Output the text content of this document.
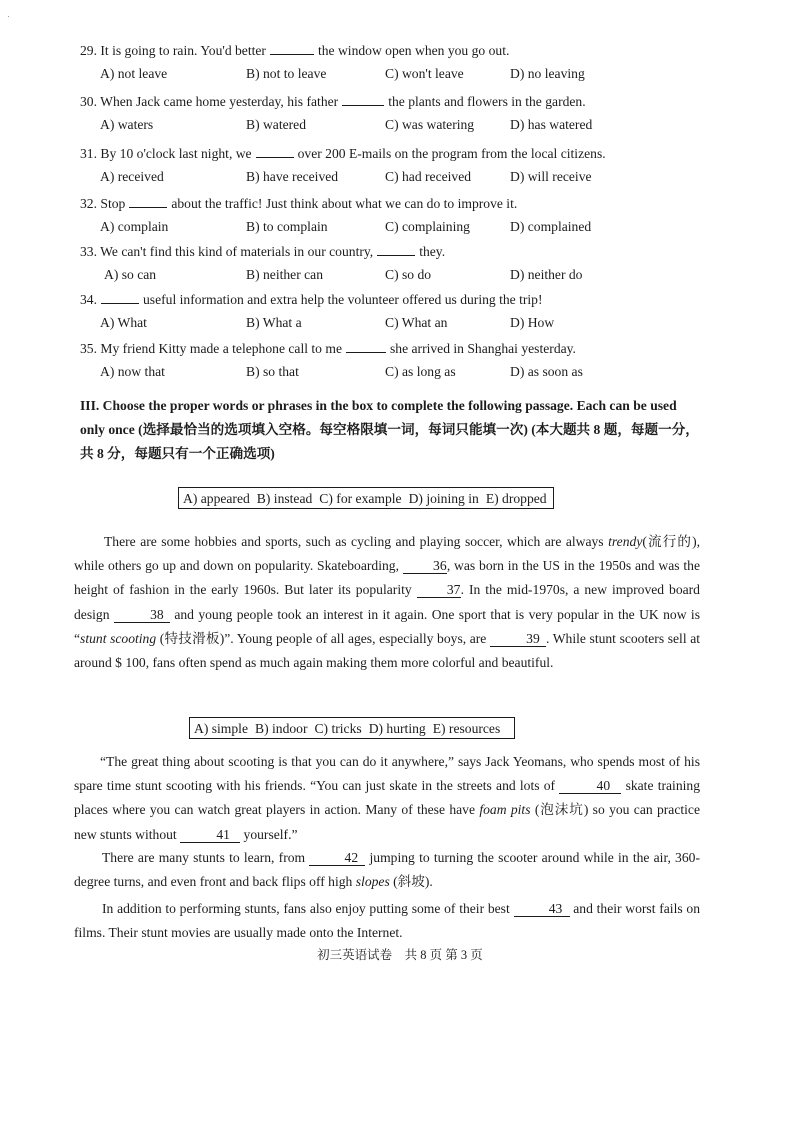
29. It is going to rain. You'd better	the window open when you go out.
A) not leave	B) not to leave	C) won't leave	D) no leaving
30. When Jack came home yesterday, his father	the plants and flowers in the garden.
A) waters	B) watered	C) was watering	D) has watered
31. By 10 o'clock last night, we	over 200 E-mails on the program from the local citizens.
A) received	B) have received	C) had received	D) will receive
32. Stop	about the traffic! Just think about what we can do to improve it.
A) complain	B) to complain	C) complaining	D) complained
33. We can't find this kind of materials in our country,	they.
A) so can	B) neither can	C) so do	D) neither do
34.	useful information and extra help the volunteer offered us during the trip!
A) What	B) What a	C) What an	D) How
35. My friend Kitty made a telephone call to me	she arrived in Shanghai yesterday.
A) now that	B) so that	C) as long as	D) as soon as
III. Choose the proper words or phrases in the box to complete the following passage. Each can be used only once (选择最恰当的选项填入空格。每空格限填一词，每词只能填一次) (本大题共 8 题，每题一分，共 8 分，每题只有一个正确选项)
A) appeared B) instead C) for example D) joining in E) dropped
There are some hobbies and sports, such as cycling and playing soccer, which are always trendy(流行的), while others go up and down on popularity. Skateboarding,	36, was born in the US in the 1950s and was the height of fashion in the early 1960s. But later its popularity	37. In the mid-1970s, a new improved board design	38 and young people took an interest in it again. One sport that is very popular in the UK now is “stunt scooting (特技滑板)”. Young people of all ages, especially boys, are	39 . While stunt scooters sell at around $ 100, fans often spend as much again making them more colorful and beautiful.
A) simple B) indoor C) tricks D) hurting E) resources
“The great thing about scooting is that you can do it anywhere,” says Jack Yeomans, who spends most of his spare time stunt scooting with his friends. “You can just skate in the streets and lots of	40 skate training places where you can watch great players in action. Many of these have foam pits (泡沫坑) so you can practice new stunts without	41 yourself.”
There are many stunts to learn, from	42 jumping to turning the scooter around while in the air, 360-degree turns, and even front and back flips off high slopes (斜坡).
In addition to performing stunts, fans also enjoy putting some of their best	43 and their worst fails on films. Their stunt movies are usually made onto the Internet.
初三英语试卷　共 8 页 第 3 页
